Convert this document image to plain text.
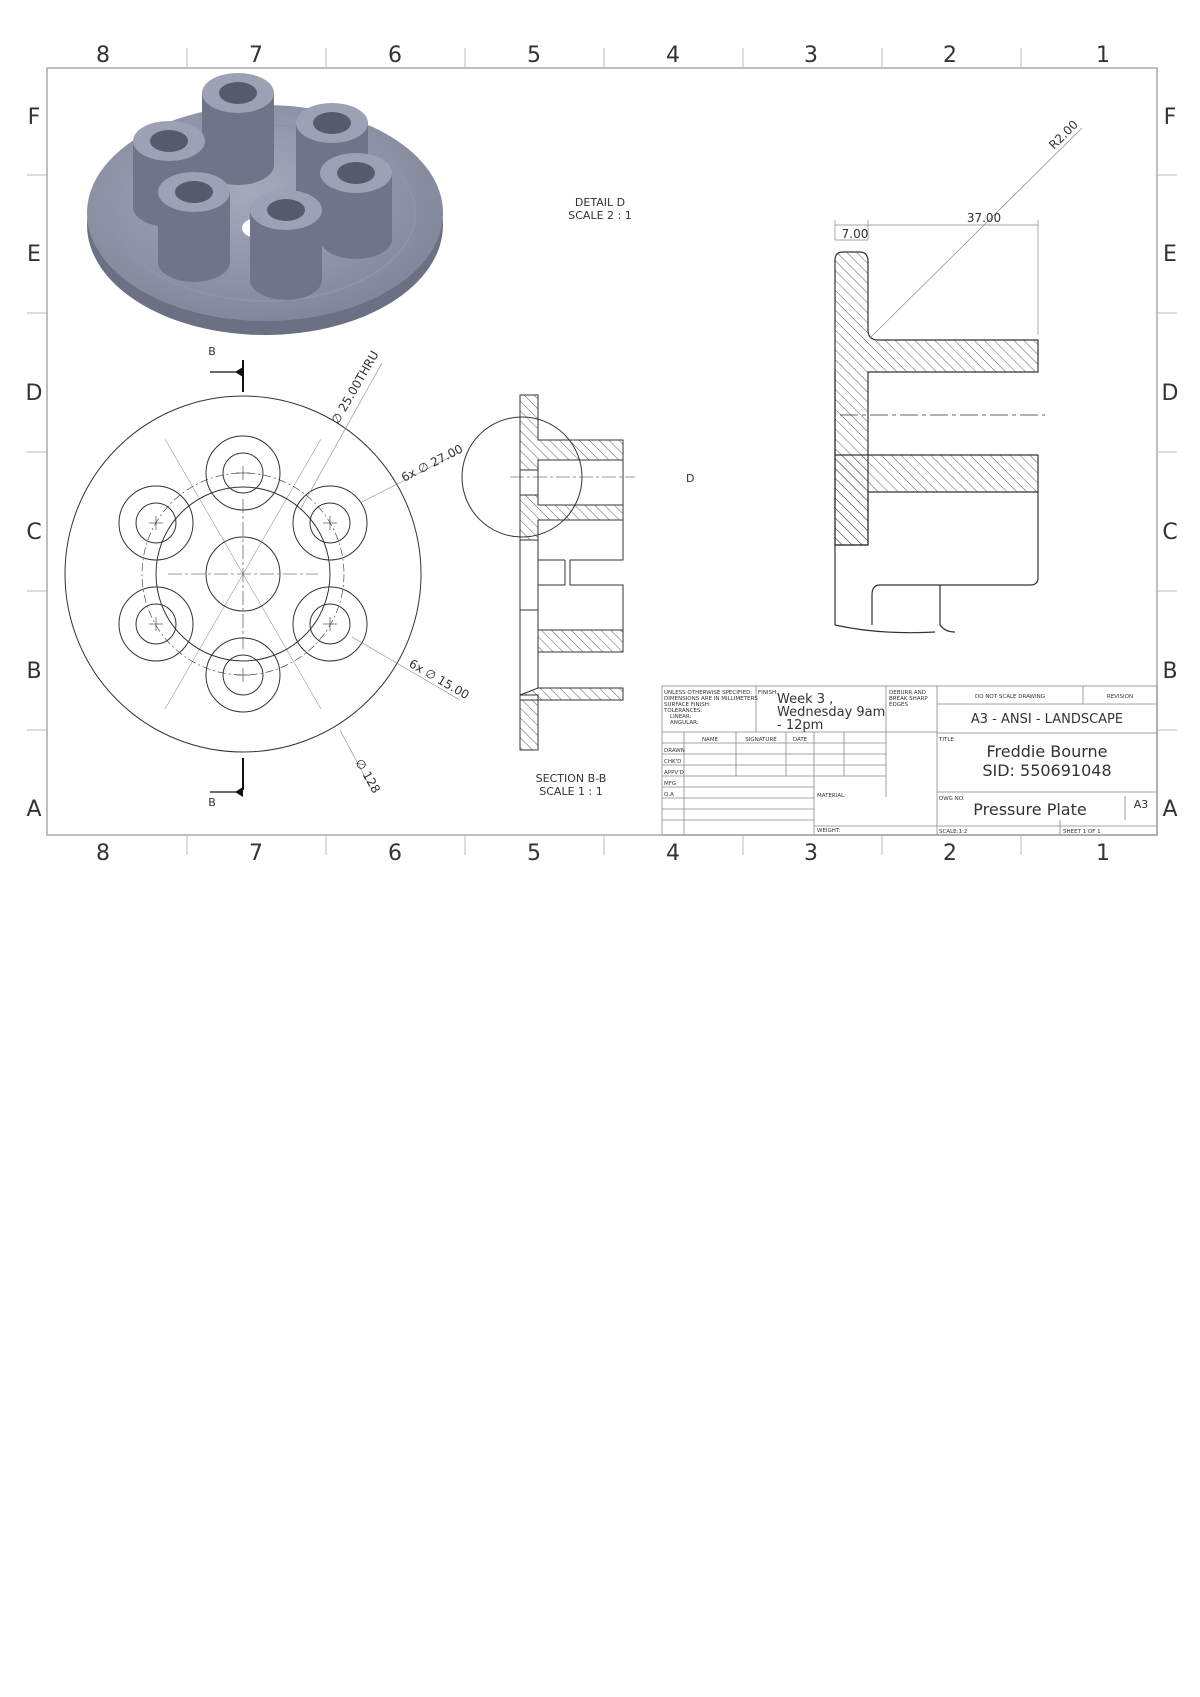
8	7	6	5	4	3	2	1
8	7	6	5	4	3	2	1
F
E
D
C
B
A
F
E
D
C
B
A
B
B
∅ 25.00THRU
6x ∅ 27.00
6x ∅ 15.00
∅ 128
D
SECTION B-B
SCALE 1 : 1
DETAIL D
SCALE 2 : 1
7.00
37.00
R2.00
UNLESS OTHERWISE SPECIFIED:
DIMENSIONS ARE IN MILLIMETERS
SURFACE FINISH:
TOLERANCES:
LINEAR:
ANGULAR:
FINISH:
Week 3 ,
Wednesday 9am
- 12pm
DEBURR AND
BREAK SHARP
EDGES
DO NOT SCALE DRAWING	REVISION
A3 - ANSI - LANDSCAPE
NAME	SIGNATURE	DATE
DRAWN
CHK'D
APPV'D
MFG
Q.A	MATERIAL:
WEIGHT:
TITLE:
Freddie Bourne
SID: 550691048
DWG NO.
Pressure Plate	A3
SCALE:1:2	SHEET 1 OF 1
